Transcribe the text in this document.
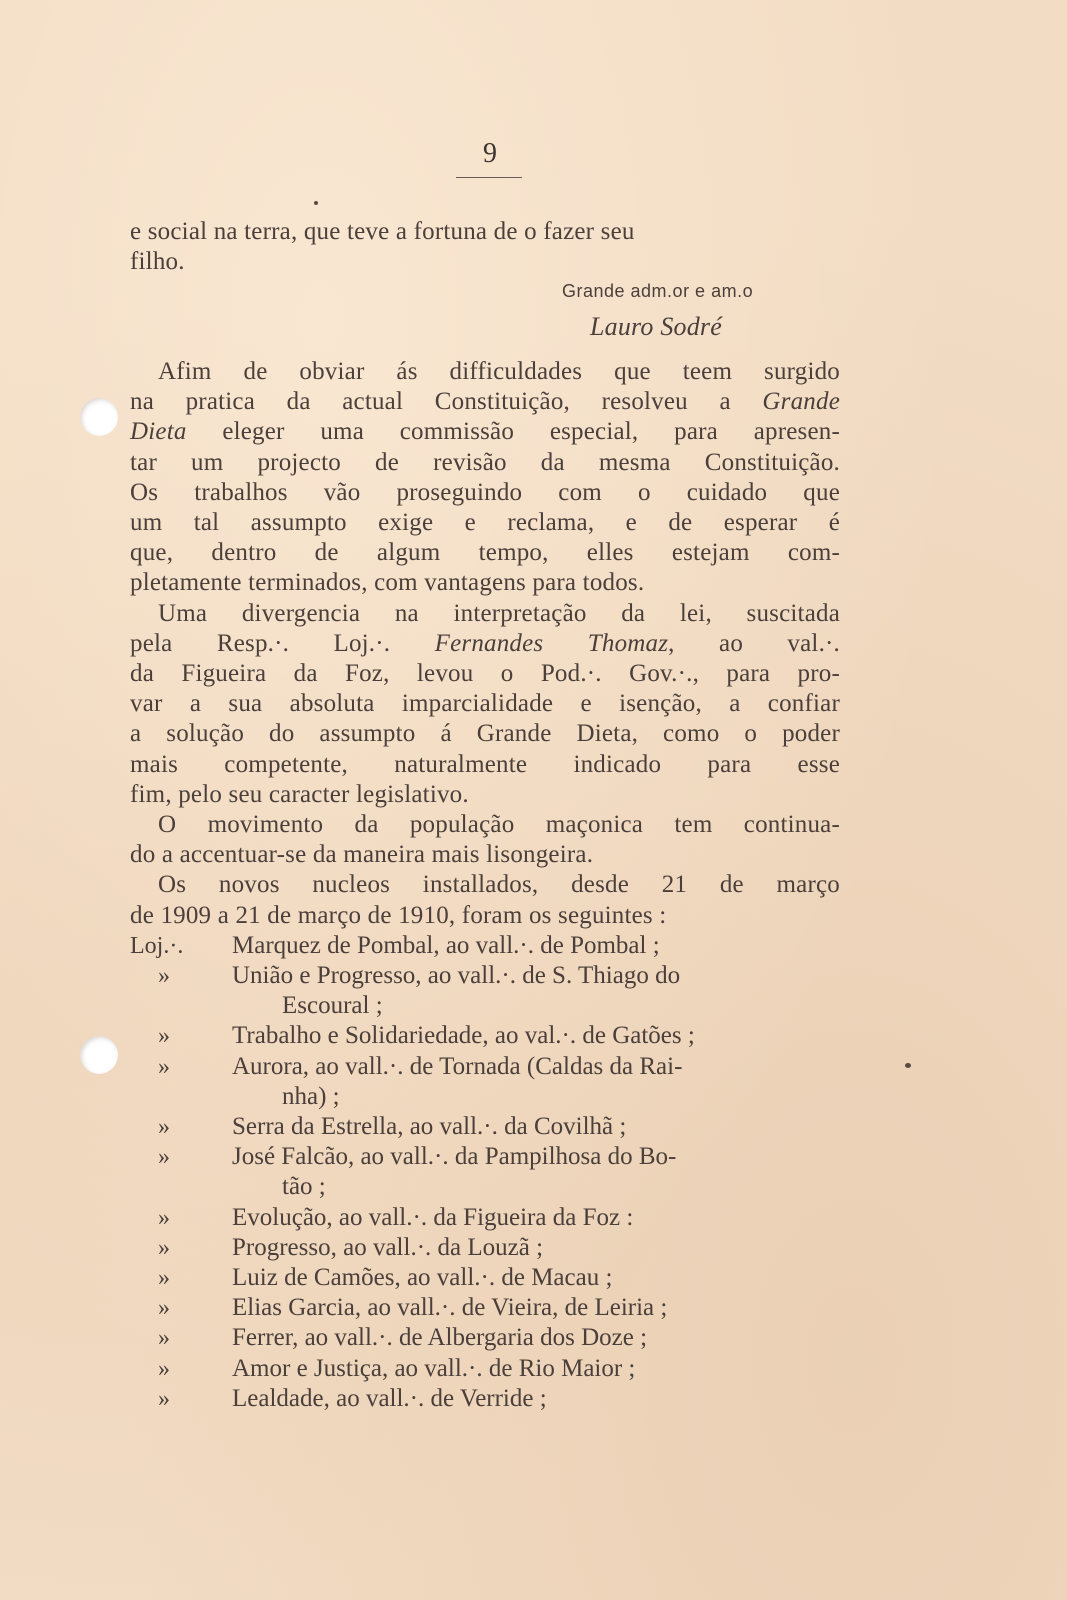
9
e social na terra, que teve a fortuna de o fazer seu
filho.
Grande adm.or e am.o
Lauro Sodré
Afim de obviar ás difficuldades que teem surgido
na pratica da actual Constituição, resolveu a Grande
Dieta eleger uma commissão especial, para apresen-
tar um projecto de revisão da mesma Constituição.
Os trabalhos vão proseguindo com o cuidado que
um tal assumpto exige e reclama, e de esperar é
que, dentro de algum tempo, elles estejam com-
pletamente terminados, com vantagens para todos.
Uma divergencia na interpretação da lei, suscitada
pela Resp.·. Loj.·. Fernandes Thomaz, ao val.·.
da Figueira da Foz, levou o Pod.·. Gov.·., para pro-
var a sua absoluta imparcialidade e isenção, a confiar
a solução do assumpto á Grande Dieta, como o poder
mais competente, naturalmente indicado para esse
fim, pelo seu caracter legislativo.
O movimento da população maçonica tem continua-
do a accentuar-se da maneira mais lisongeira.
Os novos nucleos installados, desde 21 de março
de 1909 a 21 de março de 1910, foram os seguintes :
Loj.·. Marquez de Pombal, ao vall.·. de Pombal ;
» União e Progresso, ao vall.·. de S. Thiago do
Escoural ;
» Trabalho e Solidariedade, ao val.·. de Gatões ;
» Aurora, ao vall.·. de Tornada (Caldas da Rai-
nha) ;
» Serra da Estrella, ao vall.·. da Covilhã ;
» José Falcão, ao vall.·. da Pampilhosa do Bo-
tão ;
» Evolução, ao vall.·. da Figueira da Foz :
» Progresso, ao vall.·. da Louzã ;
» Luiz de Camões, ao vall.·. de Macau ;
» Elias Garcia, ao vall.·. de Vieira, de Leiria ;
» Ferrer, ao vall.·. de Albergaria dos Doze ;
» Amor e Justiça, ao vall.·. de Rio Maior ;
» Lealdade, ao vall.·. de Verride ;
